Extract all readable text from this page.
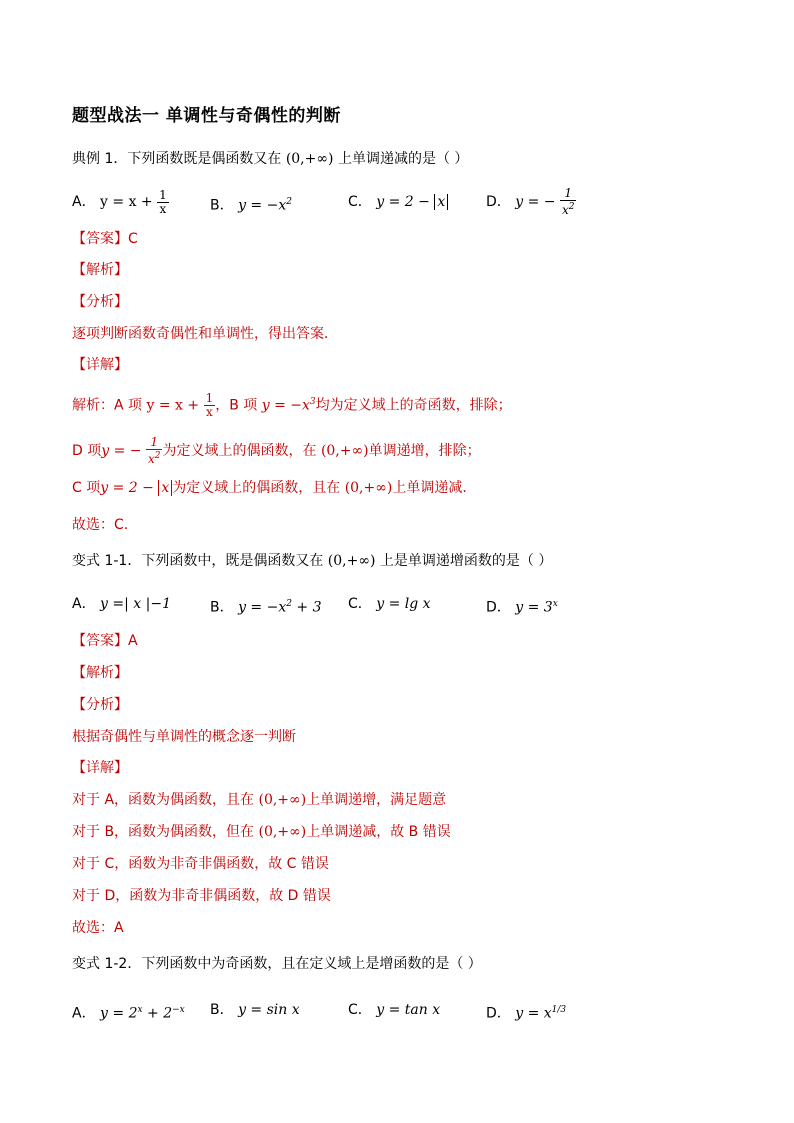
题型战法一 单调性与奇偶性的判断
典例 1．下列函数既是偶函数又在 (0,+∞) 上单调递减的是（ ）
A． $y = x + \frac{1}{x}$	B． $y = -x^2$	C． y = 2 − x	D． y = − $\frac{1}{x^2}$
【答案】C
【解析】
【分析】
逐项判断函数奇偶性和单调性，得出答案．
【详解】
解析：A 项 $y = x + \frac{1}{x}$ ，B 项 $y = -x^3$均为定义域上的奇函数，排除；
D 项y = − $\frac{1}{x^2}$ 为定义域上的偶函数，在 (0,+∞)单调递增，排除；
C 项y = 2 − x 为定义域上的偶函数，且在 (0,+∞)上单调递减.
故选：C.
变式 1-1．下列函数中，既是偶函数又在 (0,+∞) 上是单调递增函数的是（ ）
A． y =| x |−1	B． $y = -x^2 + 3$ C． y = lg x	D． $y = 3^x$
【答案】A
【解析】
【分析】
根据奇偶性与单调性的概念逐一判断
【详解】
对于 A，函数为偶函数，且在 (0,+∞)上单调递增，满足题意
对于 B，函数为偶函数，但在 (0,+∞)上单调递减，故 B 错误
对于 C，函数为非奇非偶函数，故 C 错误
对于 D，函数为非奇非偶函数，故 D 错误
故选：A
变式 1-2．下列函数中为奇函数，且在定义域上是增函数的是（ ）
A． $y = 2^x + 2^{-x}$ B． y = sin x	C． y = tan x	D． $y = x^{1/3}$
